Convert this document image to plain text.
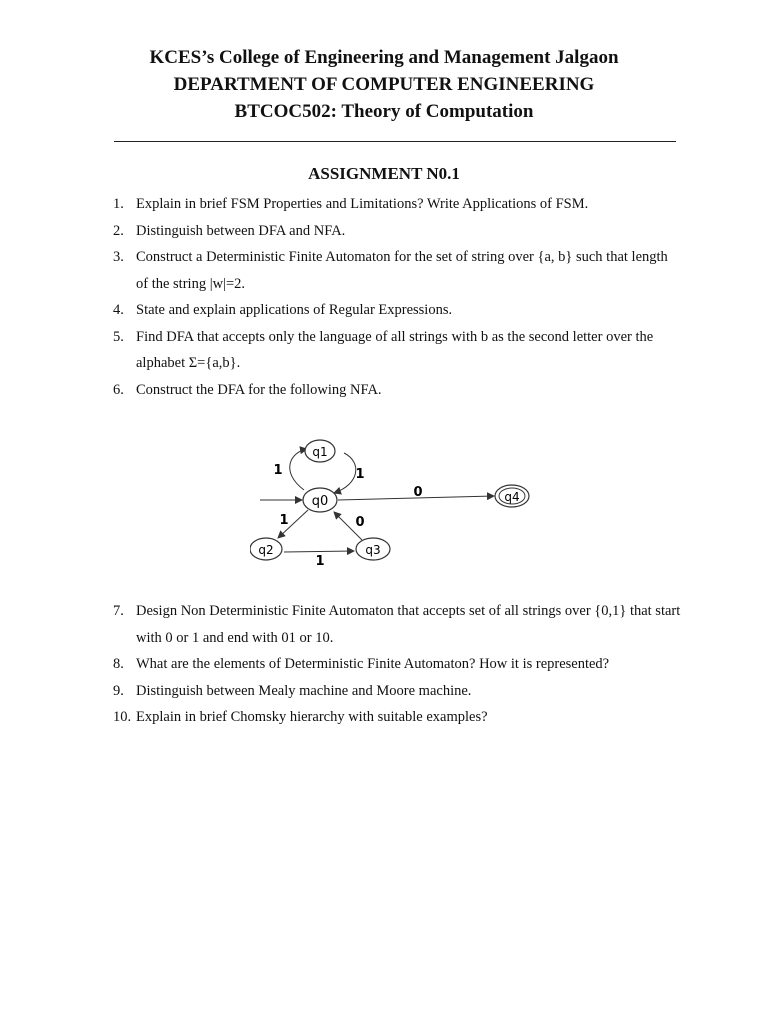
KCES’s College of Engineering and Management Jalgaon
DEPARTMENT OF COMPUTER ENGINEERING
BTCOC502: Theory of Computation
ASSIGNMENT N0.1
1. Explain in brief FSM Properties and Limitations? Write Applications of FSM.
2. Distinguish between DFA and NFA.
3. Construct a Deterministic Finite Automaton for the set of string over {a, b} such that length of the string |w|=2.
4. State and explain applications of Regular Expressions.
5. Find DFA that accepts only the language of all strings with b as the second letter over the alphabet Σ={a,b}.
6. Construct the DFA for the following NFA.
q0
q1
q2	q3
q4
1	1
0
1	0
1
7. Design Non Deterministic Finite Automaton that accepts set of all strings over {0,1} that start with 0 or 1 and end with 01 or 10.
8. What are the elements of Deterministic Finite Automaton? How it is represented?
9. Distinguish between Mealy machine and Moore machine.
10. Explain in brief Chomsky hierarchy with suitable examples?
